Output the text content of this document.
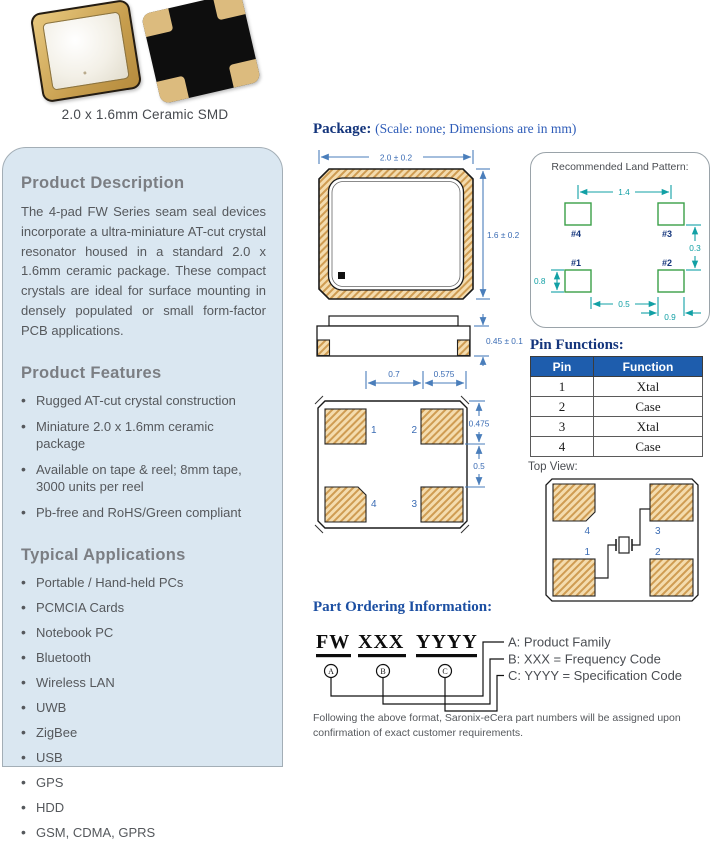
2.0 x 1.6mm Ceramic SMD
Product Description

The 4-pad FW Series seam seal devices incorporate a ultra-miniature AT-cut crystal resonator housed in a standard 2.0 x 1.6mm ceramic package. These compact crystals are ideal for surface mounting in densely populated or small form-factor PCB applications.

Product Features
• Rugged AT-cut crystal construction
• Miniature 2.0 x 1.6mm ceramic package
• Available on tape & reel; 8mm tape, 3000 units per reel
• Pb-free and RoHS/Green compliant
Typical Applications
• Portable / Hand-held PCs
• PCMCIA Cards
• Notebook PC
• Bluetooth
• Wireless LAN
• UWB
• ZigBee
• USB
• GPS
• HDD
• GSM, CDMA, GPRS
Package: (Scale: none; Dimensions are in mm)
2.0 ± 0.2
1.6 ± 0.2
0.45 ± 0.1
0.7	0.575
1	2
4	3
0.475
0.5
Recommended Land Pattern:
#4	#3
#1	#2
1.4
0.3
0.8
0.5
0.9
Pin Functions:
Pin	Function
1	Xtal
2	Case
3	Xtal
4	Case
Top View:
4	3
1	2
Part Ordering Information:
FW XXX YYYY
A	B	C
A: Product Family
B: XXX = Frequency Code
C: YYYY = Specification Code
Following the above format, Saronix-eCera part numbers will be assigned upon
confirmation of exact customer requirements.
